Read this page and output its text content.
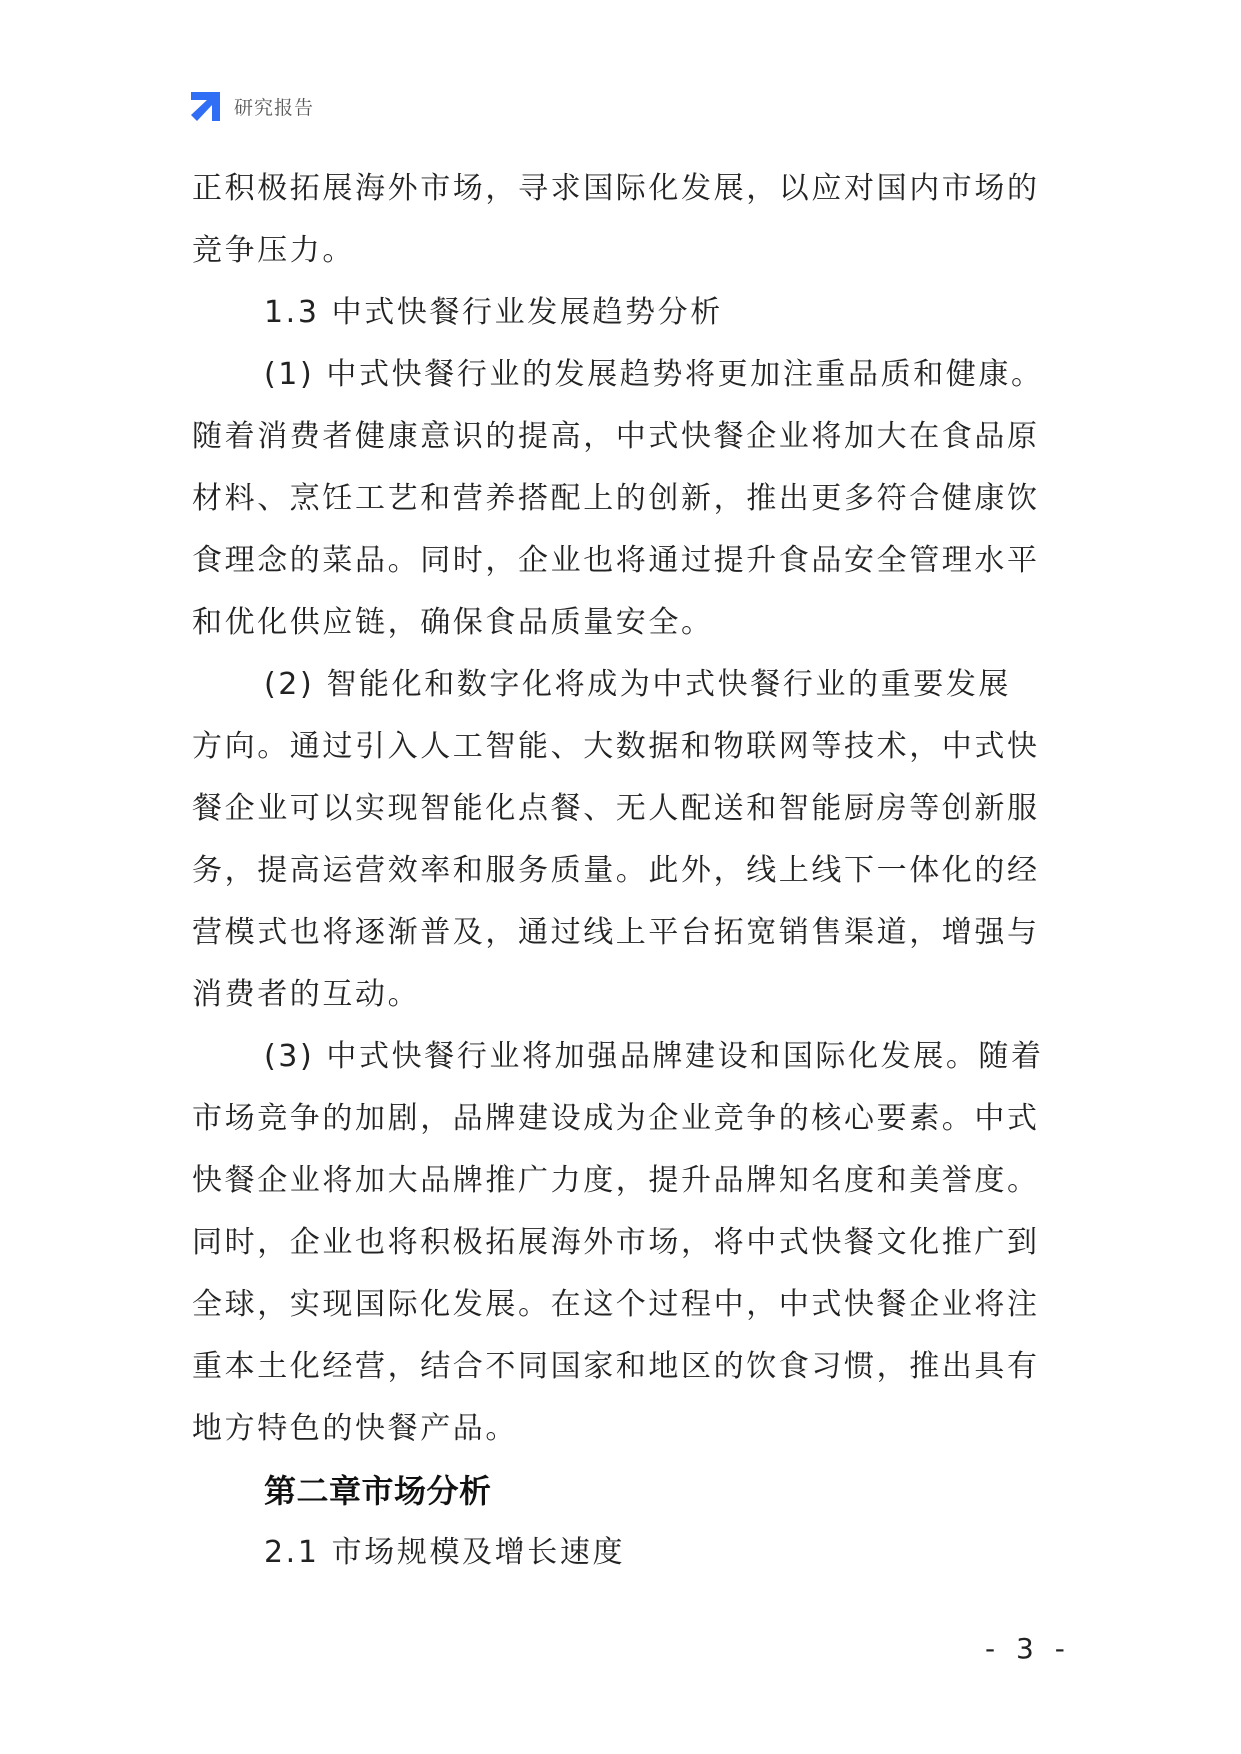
研究报告
正积极拓展海外市场，寻求国际化发展，以应对国内市场的
竞争压力。
1.3 中式快餐行业发展趋势分析
(1) 中式快餐行业的发展趋势将更加注重品质和健康。
随着消费者健康意识的提高，中式快餐企业将加大在食品原
材料、烹饪工艺和营养搭配上的创新，推出更多符合健康饮
食理念的菜品。同时，企业也将通过提升食品安全管理水平
和优化供应链，确保食品质量安全。
(2) 智能化和数字化将成为中式快餐行业的重要发展
方向。通过引入人工智能、大数据和物联网等技术，中式快
餐企业可以实现智能化点餐、无人配送和智能厨房等创新服
务，提高运营效率和服务质量。此外，线上线下一体化的经
营模式也将逐渐普及，通过线上平台拓宽销售渠道，增强与
消费者的互动。
(3) 中式快餐行业将加强品牌建设和国际化发展。随着
市场竞争的加剧，品牌建设成为企业竞争的核心要素。中式
快餐企业将加大品牌推广力度，提升品牌知名度和美誉度。
同时，企业也将积极拓展海外市场，将中式快餐文化推广到
全球，实现国际化发展。在这个过程中，中式快餐企业将注
重本土化经营，结合不同国家和地区的饮食习惯，推出具有
地方特色的快餐产品。
第二章市场分析
2.1 市场规模及增长速度
- 3 -
